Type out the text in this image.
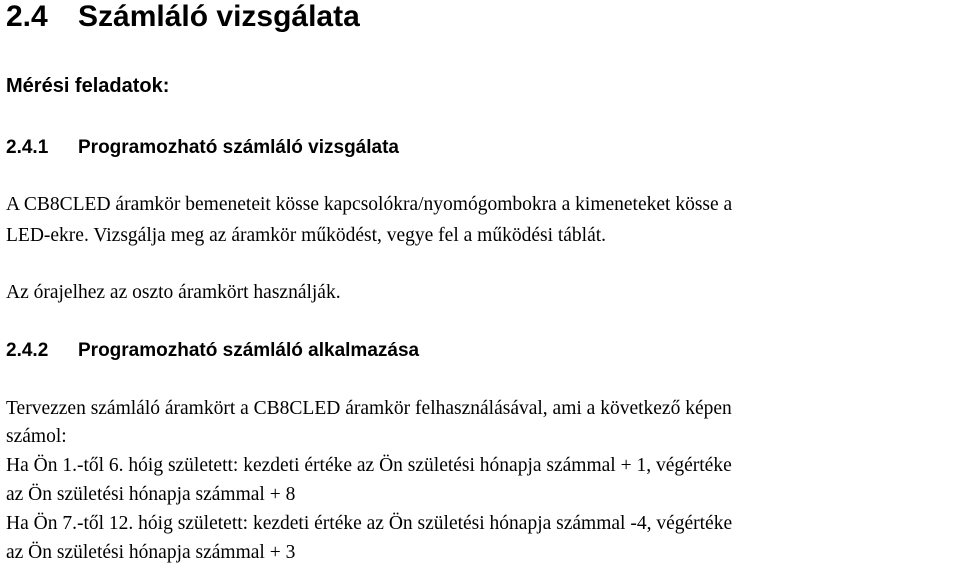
2.4 Számláló vizsgálata
Mérési feladatok:
2.4.1 Programozható számláló vizsgálata
A CB8CLED áramkör bemeneteit kösse kapcsolókra/nyomógombokra a kimeneteket kösse a
LED-ekre. Vizsgálja meg az áramkör működést, vegye fel a működési táblát.
Az órajelhez az oszto áramkört használják.
2.4.2 Programozható számláló alkalmazása
Tervezzen számláló áramkört a CB8CLED áramkör felhasználásával, ami a következő képen
számol:
Ha Ön 1.-től 6. hóig született: kezdeti értéke az Ön születési hónapja számmal + 1, végértéke
az Ön születési hónapja számmal + 8
Ha Ön 7.-től 12. hóig született: kezdeti értéke az Ön születési hónapja számmal -4, végértéke
az Ön születési hónapja számmal + 3
